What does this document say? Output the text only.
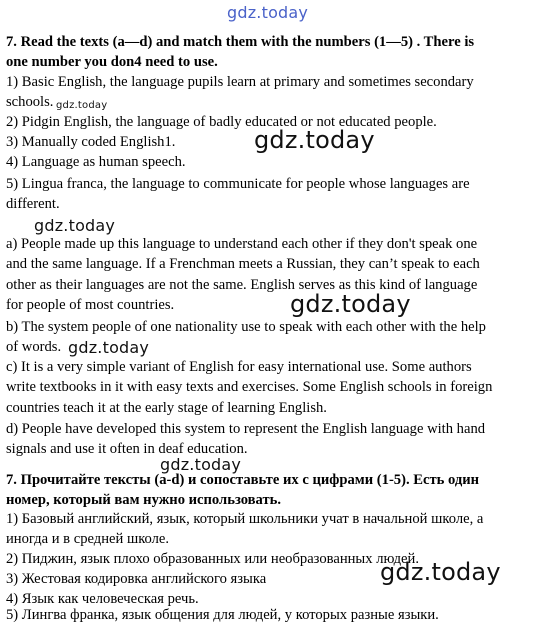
gdz.today
gdz.today
gdz.today
gdz.today
gdz.today
gdz.today
gdz.today
gdz.today
7. Read the texts (a—d) and match them with the numbers (1—5) . There is
one number you don4 need to use.
1) Basic English, the language pupils learn at primary and sometimes secondary
schools.
2) Pidgin English, the language of badly educated or not educated people.
3) Manually coded English1.
4) Language as human speech.
5) Lingua franca, the language to communicate for people whose languages are
different.
a) People made up this language to understand each other if they don't speak one
and the same language. If a Frenchman meets a Russian, they can’t speak to each
other as their languages are not the same. English serves as this kind of language
for people of most countries.
b) The system people of one nationality use to speak with each other with the help
of words.
c) It is a very simple variant of English for easy international use. Some authors
write textbooks in it with easy texts and exercises. Some English schools in foreign
countries teach it at the early stage of learning English.
d) People have developed this system to represent the English language with hand
signals and use it often in deaf education.
7. Прочитайте тексты (a-d) и сопоставьте их с цифрами (1-5). Есть один
номер, который вам нужно использовать.
1) Базовый английский, язык, который школьники учат в начальной школе, а
иногда и в средней школе.
2) Пиджин, язык плохо образованных или необразованных людей.
3) Жестовая кодировка английского языка
4) Язык как человеческая речь.
5) Лингва франка, язык общения для людей, у которых разные языки.
